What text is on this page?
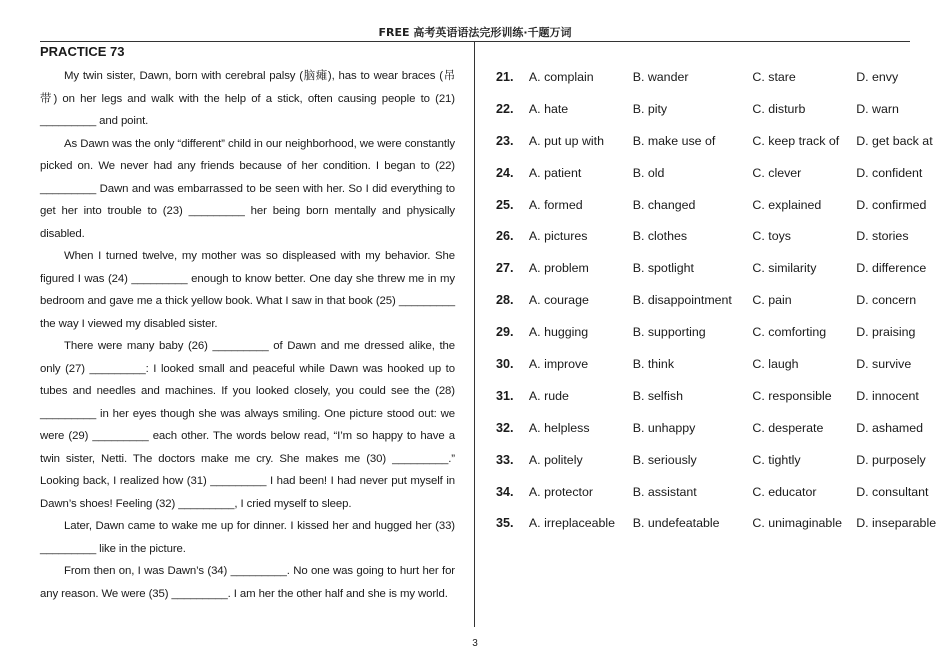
FREE 高考英语语法完形训练·千题万词
PRACTICE 73

My twin sister, Dawn, born with cerebral palsy (脑瘫), has to wear braces (吊带) on her legs and walk with the help of a stick, often causing people to (21) _________ and point.

As Dawn was the only “different” child in our neighborhood, we were constantly picked on. We never had any friends because of her condition. I began to (22) _________ Dawn and was embarrassed to be seen with her. So I did everything to get her into trouble to (23) _________ her being born mentally and physically disabled.

When I turned twelve, my mother was so displeased with my behavior. She figured I was (24) _________ enough to know better. One day she threw me in my bedroom and gave me a thick yellow book. What I saw in that book (25) _________ the way I viewed my disabled sister.

There were many baby (26) _________ of Dawn and me dressed alike, the only (27) _________: I looked small and peaceful while Dawn was hooked up to tubes and needles and machines. If you looked closely, you could see the (28) _________ in her eyes though she was always smiling. One picture stood out: we were (29) _________ each other. The words below read, “I’m so happy to have a twin sister, Netti. The doctors make me cry. She makes me (30) _________.” Looking back, I realized how (31) _________ I had been! I had never put myself in Dawn’s shoes! Feeling (32) _________, I cried myself to sleep.

Later, Dawn came to wake me up for dinner. I kissed her and hugged her (33) _________ like in the picture.

From then on, I was Dawn’s (34) _________. No one was going to hurt her for any reason. We were (35) _________. I am her the other half and she is my world.

21.	A. complain	B. wander	C. stare	D. envy
22.	A. hate	B. pity	C. disturb	D. warn
23.	A. put up with	B. make use of	C. keep track of	D. get back at
24.	A. patient	B. old	C. clever	D. confident
25.	A. formed	B. changed	C. explained	D. confirmed
26.	A. pictures	B. clothes	C. toys	D. stories
27.	A. problem	B. spotlight	C. similarity	D. difference
28.	A. courage	B. disappointment	C. pain	D. concern
29.	A. hugging	B. supporting	C. comforting	D. praising
30.	A. improve	B. think	C. laugh	D. survive
31.	A. rude	B. selfish	C. responsible	D. innocent
32.	A. helpless	B. unhappy	C. desperate	D. ashamed
33.	A. politely	B. seriously	C. tightly	D. purposely
34.	A. protector	B. assistant	C. educator	D. consultant
35.	A. irreplaceable	B. undefeatable	C. unimaginable	D. inseparable
3
